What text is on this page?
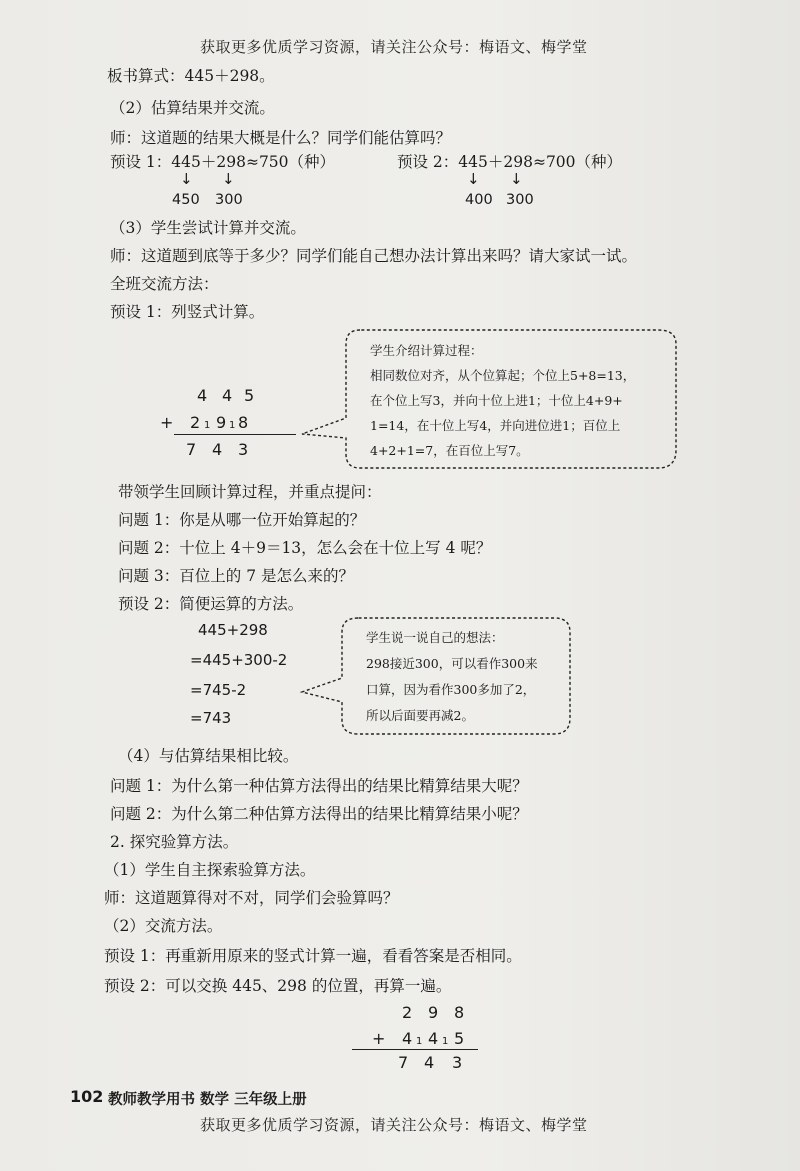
获取更多优质学习资源，请关注公众号：梅语文、梅学堂
板书算式：445＋298。
（2）估算结果并交流。
师：这道题的结果大概是什么？同学们能估算吗？
预设 1：445＋298≈750（种）	预设 2：445＋298≈700（种）
↓ ↓
450 300
↓ ↓
400 300
（3）学生尝试计算并交流。
师：这道题到底等于多少？同学们能自己想办法计算出来吗？请大家试一试。
全班交流方法：
预设 1：列竖式计算。
4 4 5
+ 2 1 9 1 8
7 4 3
学生介绍计算过程：
相同数位对齐，从个位算起；个位上5+8=13，
在个位上写3，并向十位上进1；十位上4+9+
1=14，在十位上写4，并向进位进1；百位上
4+2+1=7，在百位上写7。
带领学生回顾计算过程，并重点提问：
问题 1：你是从哪一位开始算起的？
问题 2：十位上 4＋9＝13，怎么会在十位上写 4 呢？
问题 3：百位上的 7 是怎么来的？
预设 2：简便运算的方法。
445+298
=445+300-2
=745-2
=743
学生说一说自己的想法：
298接近300，可以看作300来
口算，因为看作300多加了2，
所以后面要再减2。
（4）与估算结果相比较。
问题 1：为什么第一种估算方法得出的结果比精算结果大呢？
问题 2：为什么第二种估算方法得出的结果比精算结果小呢？
2. 探究验算方法。
（1）学生自主探索验算方法。
师：这道题算得对不对，同学们会验算吗？
（2）交流方法。
预设 1：再重新用原来的竖式计算一遍，看看答案是否相同。
预设 2：可以交换 445、298 的位置，再算一遍。
2 9 8
+ 4 1 4 1 5
7 4 3
102 教师教学用书 数学 三年级上册
获取更多优质学习资源，请关注公众号：梅语文、梅学堂
